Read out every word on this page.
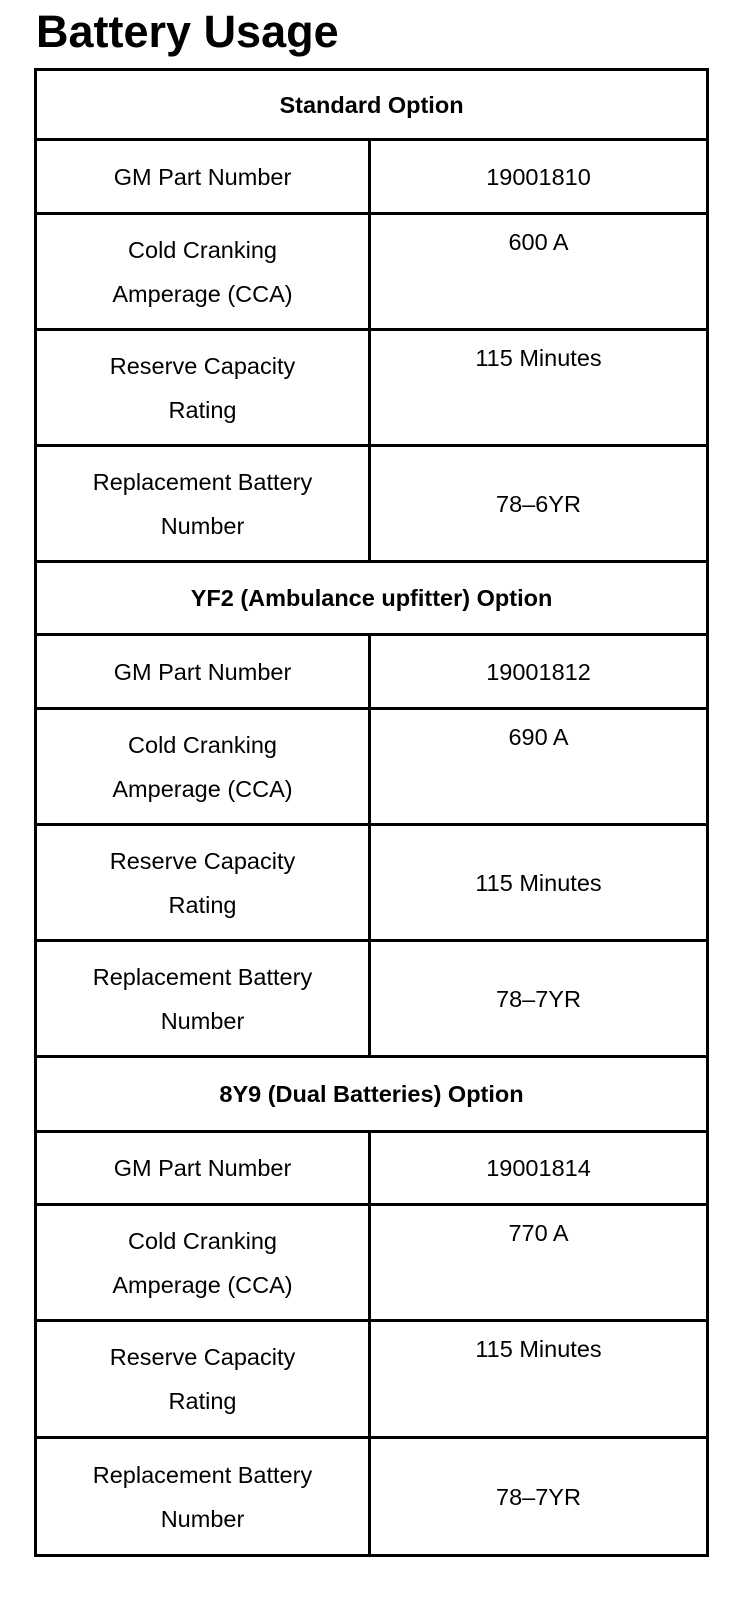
Battery Usage
Standard Option	
GM Part Number	19001810
Cold Cranking
Amperage (CCA)	600 A
Reserve Capacity
Rating	115 Minutes
Replacement Battery
Number	78–6YR
YF2 (Ambulance upfitter) Option	
GM Part Number	19001812
Cold Cranking
Amperage (CCA)	690 A
Reserve Capacity
Rating	115 Minutes
Replacement Battery
Number	78–7YR
8Y9 (Dual Batteries) Option	
GM Part Number	19001814
Cold Cranking
Amperage (CCA)	770 A
Reserve Capacity
Rating	115 Minutes
Replacement Battery
Number	78–7YR
